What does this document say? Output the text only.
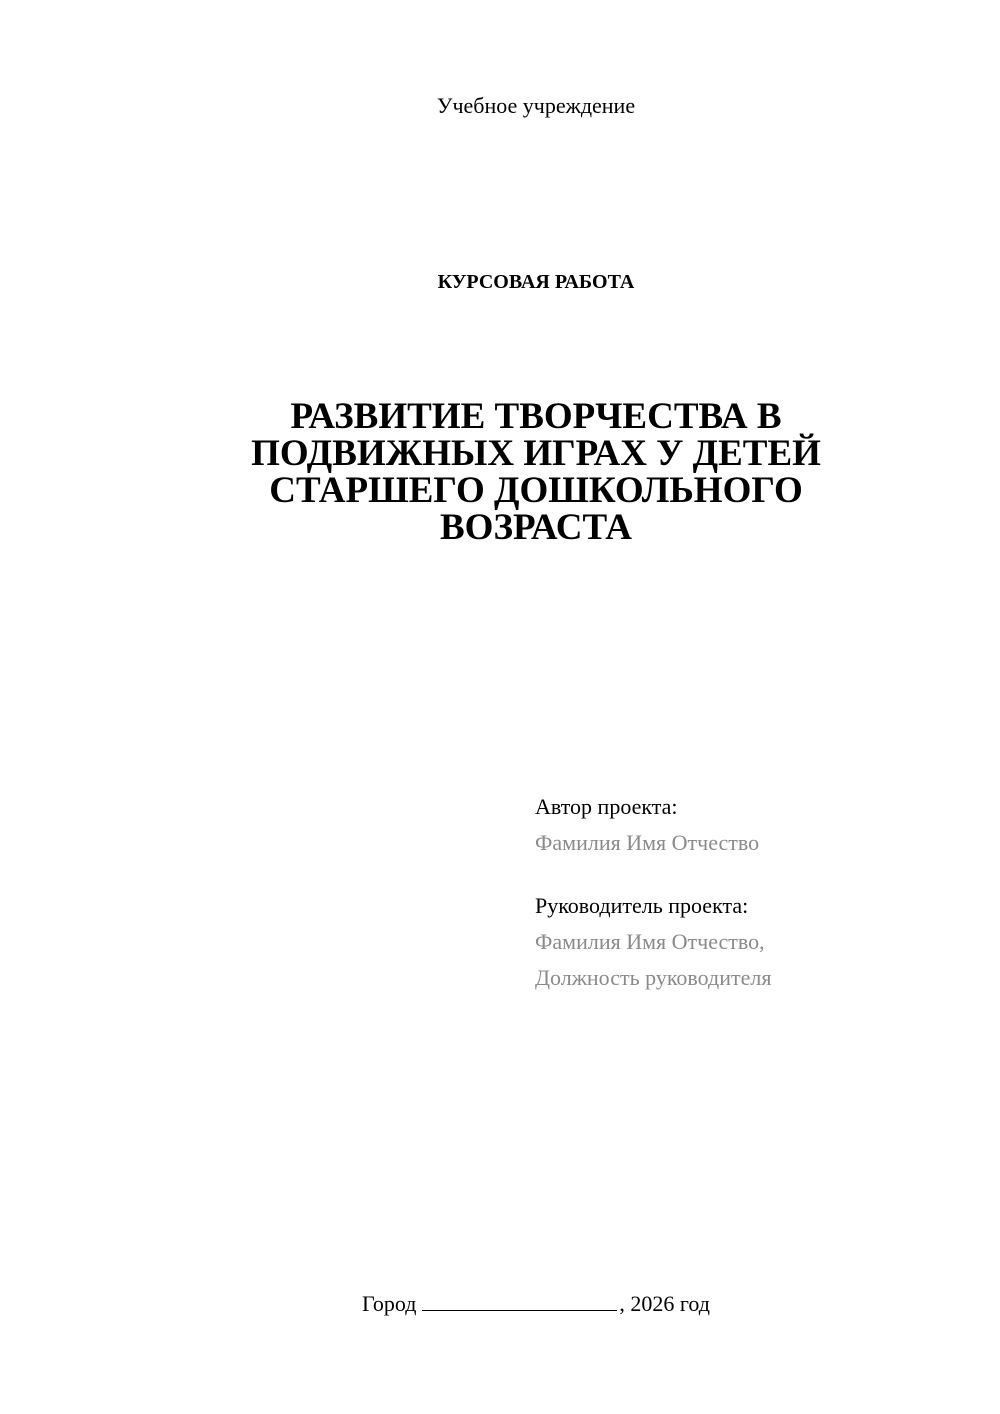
Учебное учреждение
КУРСОВАЯ РАБОТА
РАЗВИТИЕ ТВОРЧЕСТВА В
ПОДВИЖНЫХ ИГРАХ У ДЕТЕЙ
СТАРШЕГО ДОШКОЛЬНОГО
ВОЗРАСТА
Автор проекта:
Фамилия Имя Отчество
Руководитель проекта:
Фамилия Имя Отчество,
Должность руководителя
Город	, 2026 год
